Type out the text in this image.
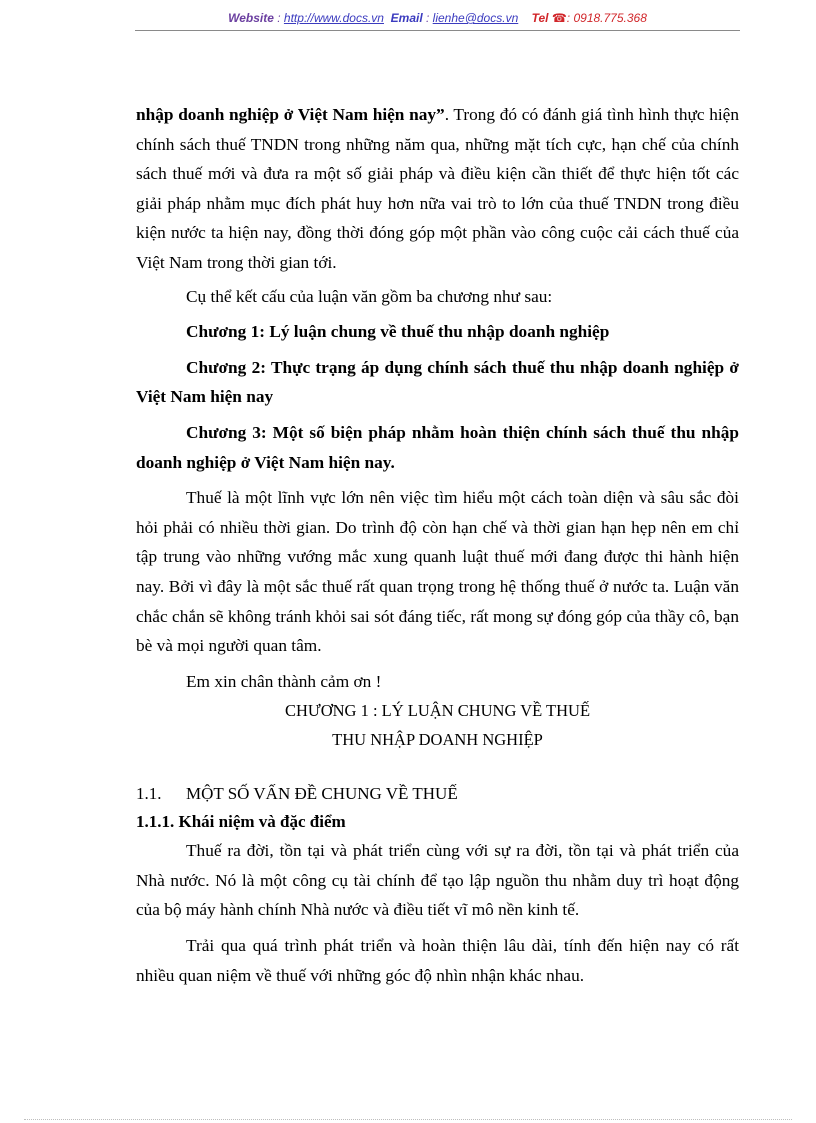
Website : http://www.docs.vn Email : lienhe@docs.vn Tel ☎: 0918.775.368

nhập doanh nghiệp ở Việt Nam hiện nay”. Trong đó có đánh giá tình hình thực hiện chính sách thuế TNDN trong những năm qua, những mặt tích cực, hạn chế của chính sách thuế mới và đưa ra một số giải pháp và điều kiện cần thiết để thực hiện tốt các giải pháp nhằm mục đích phát huy hơn nữa vai trò to lớn của thuế TNDN trong điều kiện nước ta hiện nay, đồng thời đóng góp một phần vào công cuộc cải cách thuế của Việt Nam trong thời gian tới.

Cụ thể kết cấu của luận văn gồm ba chương như sau:

Chương 1: Lý luận chung về thuế thu nhập doanh nghiệp

Chương 2: Thực trạng áp dụng chính sách thuế thu nhập doanh nghiệp ở Việt Nam hiện nay

Chương 3: Một số biện pháp nhằm hoàn thiện chính sách thuế thu nhập doanh nghiệp ở Việt Nam hiện nay.

Thuế là một lĩnh vực lớn nên việc tìm hiểu một cách toàn diện và sâu sắc đòi hỏi phải có nhiều thời gian. Do trình độ còn hạn chế và thời gian hạn hẹp nên em chỉ tập trung vào những vướng mắc xung quanh luật thuế mới đang được thi hành hiện nay. Bởi vì đây là một sắc thuế rất quan trọng trong hệ thống thuế ở nước ta. Luận văn chắc chắn sẽ không tránh khỏi sai sót đáng tiếc, rất mong sự đóng góp của thầy cô, bạn bè và mọi người quan tâm.

Em xin chân thành cảm ơn !

CHƯƠNG 1 : LÝ LUẬN CHUNG VỀ THUẾ

THU NHẬP DOANH NGHIỆP

1.1. MỘT SỐ VẤN ĐỀ CHUNG VỀ THUẾ

1.1.1. Khái niệm và đặc điểm

Thuế ra đời, tồn tại và phát triển cùng với sự ra đời, tồn tại và phát triển của Nhà nước. Nó là một công cụ tài chính để tạo lập nguồn thu nhằm duy trì hoạt động của bộ máy hành chính Nhà nước và điều tiết vĩ mô nền kinh tế.

Trải qua quá trình phát triển và hoàn thiện lâu dài, tính đến hiện nay có rất nhiều quan niệm về thuế với những góc độ nhìn nhận khác nhau.
